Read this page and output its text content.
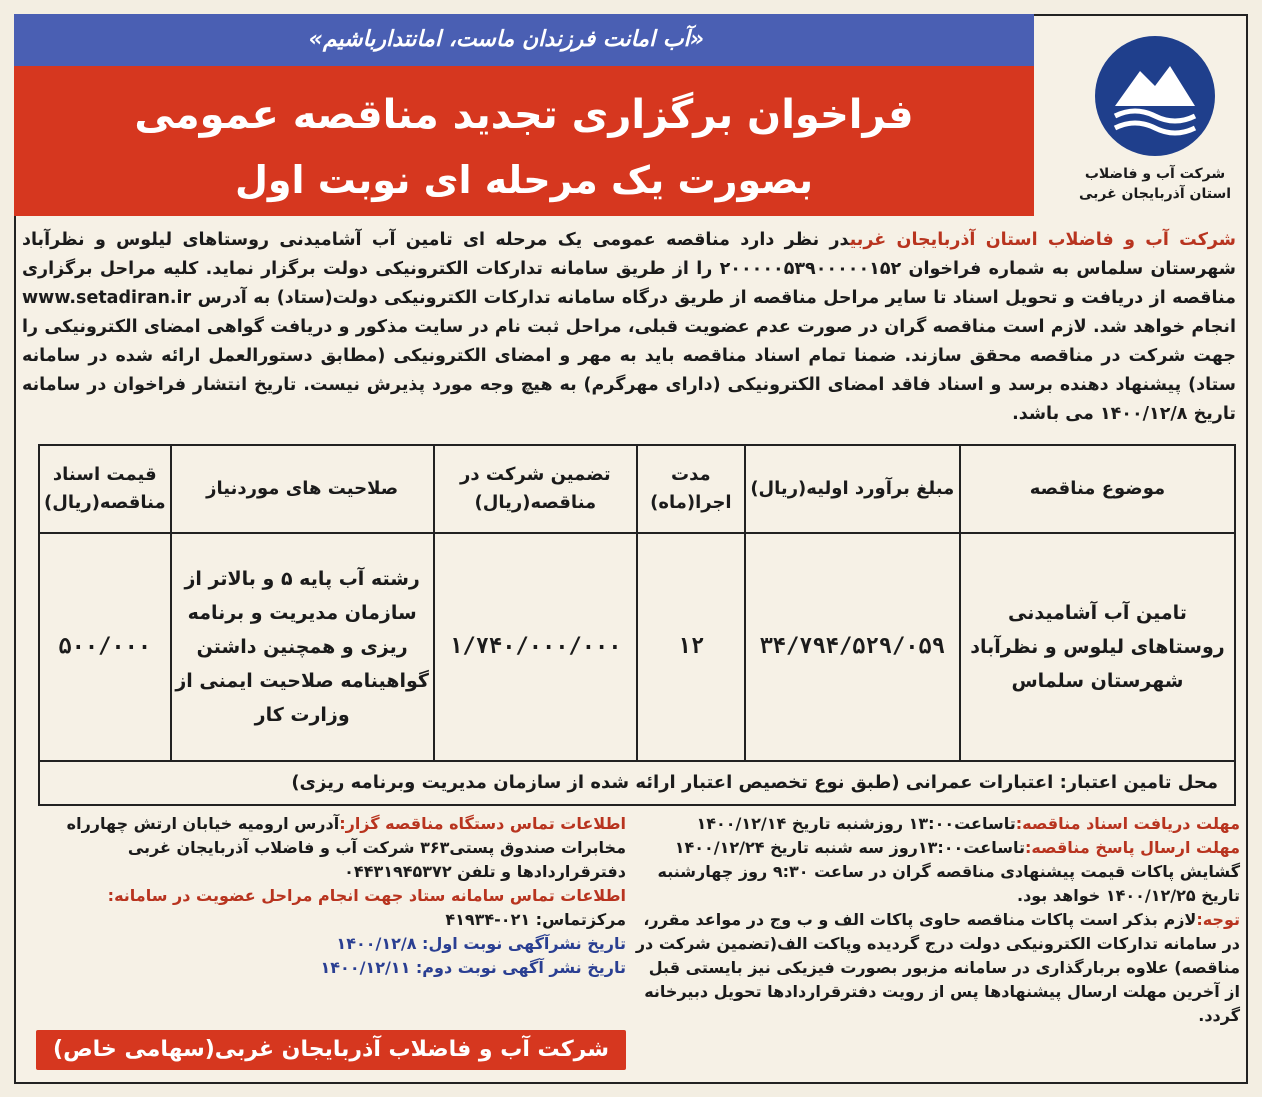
«آب امانت فرزندان ماست، امانتدارباشیم»
فراخوان برگزاری تجدید مناقصه عمومی
بصورت یک مرحله ای نوبت اول	شرکت آب و فاضلاب
استان آذربایجان غربی
شرکت آب و فاضلاب استان آذربایجان غربیدر نظر دارد مناقصه عمومی یک مرحله ای تامین آب آشامیدنی روستاهای لیلوس و نظرآباد شهرستان سلماس به شماره فراخوان ۲۰۰۰۰۰۵۳۹۰۰۰۰۰۱۵۲ را از طریق سامانه تدارکات الکترونیکی دولت برگزار نماید. کلیه مراحل برگزاری مناقصه از دریافت و تحویل اسناد تا سایر مراحل مناقصه از طریق درگاه سامانه تدارکات الکترونیکی دولت(ستاد) به آدرس www.setadiran.ir انجام خواهد شد. لازم است مناقصه گران در صورت عدم عضویت قبلی، مراحل ثبت نام در سایت مذکور و دریافت گواهی امضای الکترونیکی را جهت شرکت در مناقصه محقق سازند. ضمنا تمام اسناد مناقصه باید به مهر و امضای الکترونیکی (مطابق دستورالعمل ارائه شده در سامانه ستاد) پیشنهاد دهنده برسد و اسناد فاقد امضای الکترونیکی (دارای مهرگرم) به هیچ وجه مورد پذیرش نیست. تاریخ انتشار فراخوان در سامانه تاریخ ۱۴۰۰/۱۲/۸ می باشد.
موضوع مناقصه	مبلغ برآورد اولیه(ریال)	مدت اجرا(ماه)	تضمین شرکت در مناقصه(ریال)	صلاحیت های موردنیاز	قیمت اسناد مناقصه(ریال)
تامین آب آشامیدنی روستاهای لیلوس و نظرآباد شهرستان سلماس	۳۴/۷۹۴/۵۲۹/۰۵۹	۱۲	۱/۷۴۰/۰۰۰/۰۰۰	رشته آب پایه ۵ و بالاتر از سازمان مدیریت و برنامه ریزی و همچنین داشتن گواهینامه صلاحیت ایمنی از وزارت کار	۵۰۰/۰۰۰
محل تامین اعتبار: اعتبارات عمرانی (طبق نوع تخصیص اعتبار ارائه شده از سازمان مدیریت وبرنامه ریزی)					
مهلت دریافت اسناد مناقصه:تاساعت۱۳:۰۰ روزشنبه تاریخ ۱۴۰۰/۱۲/۱۴
مهلت ارسال پاسخ مناقصه:تاساعت۱۳:۰۰روز سه شنبه تاریخ ۱۴۰۰/۱۲/۲۴
گشایش پاکات قیمت پیشنهادی مناقصه گران در ساعت ۹:۳۰ روز چهارشنبه تاریخ ۱۴۰۰/۱۲/۲۵ خواهد بود.
توجه:لازم بذکر است پاکات مناقصه حاوی پاکات الف و ب وج در مواعد مقرر، در سامانه تدارکات الکترونیکی دولت درج گردیده وپاکت الف(تضمین شرکت در مناقصه) علاوه بربارگذاری در سامانه مزبور بصورت فیزیکی نیز بایستی قبل از آخرین مهلت ارسال پیشنهادها پس از رویت دفترقراردادها تحویل دبیرخانه گردد.
اطلاعات تماس دستگاه مناقصه گزار:آدرس ارومیه خیابان ارتش چهارراه مخابرات صندوق پستی۳۶۳ شرکت آب و فاضلاب آذربایجان غربی دفترقراردادها و تلفن ۰۴۴۳۱۹۴۵۳۷۲
اطلاعات تماس سامانه ستاد جهت انجام مراحل عضویت در سامانه:
مرکزتماس: ۰۲۱-۴۱۹۳۴
تاریخ نشرآگهی نوبت اول: ۱۴۰۰/۱۲/۸
تاریخ نشر آگهی نوبت دوم: ۱۴۰۰/۱۲/۱۱
شرکت آب و فاضلاب آذربایجان غربی(سهامی خاص)
